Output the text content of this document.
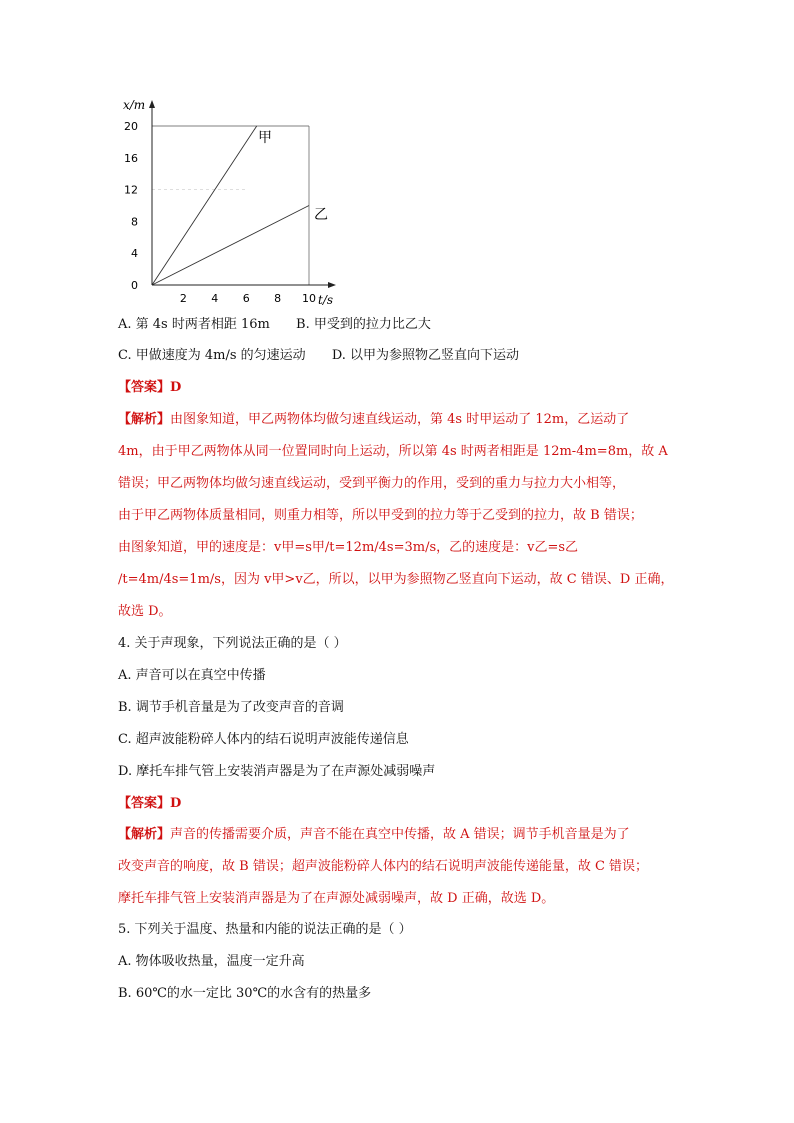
2 4 6 8 10
0
4
8
12
16
20
x/m
t/s
甲
乙
A. 第 4s 时两者相距 16m B. 甲受到的拉力比乙大
C. 甲做速度为 4m/s 的匀速运动 D. 以甲为参照物乙竖直向下运动
【答案】D
【解析】由图象知道，甲乙两物体均做匀速直线运动，第 4s 时甲运动了 12m，乙运动了
4m，由于甲乙两物体从同一位置同时向上运动，所以第 4s 时两者相距是 12m-4m=8m，故 A
错误；甲乙两物体均做匀速直线运动，受到平衡力的作用，受到的重力与拉力大小相等，
由于甲乙两物体质量相同，则重力相等，所以甲受到的拉力等于乙受到的拉力，故 B 错误；
由图象知道，甲的速度是：v甲=s甲/t=12m/4s=3m/s，乙的速度是：v乙=s乙
/t=4m/4s=1m/s，因为 v甲>v乙，所以，以甲为参照物乙竖直向下运动，故 C 错误、D 正确，
故选 D。
4. 关于声现象，下列说法正确的是（ ）
A. 声音可以在真空中传播
B. 调节手机音量是为了改变声音的音调
C. 超声波能粉碎人体内的结石说明声波能传递信息
D. 摩托车排气管上安装消声器是为了在声源处减弱噪声
【答案】D
【解析】声音的传播需要介质，声音不能在真空中传播，故 A 错误；调节手机音量是为了
改变声音的响度，故 B 错误；超声波能粉碎人体内的结石说明声波能传递能量，故 C 错误；
摩托车排气管上安装消声器是为了在声源处减弱噪声，故 D 正确，故选 D。
5. 下列关于温度、热量和内能的说法正确的是（ ）
A. 物体吸收热量，温度一定升高
B. 60℃的水一定比 30℃的水含有的热量多
